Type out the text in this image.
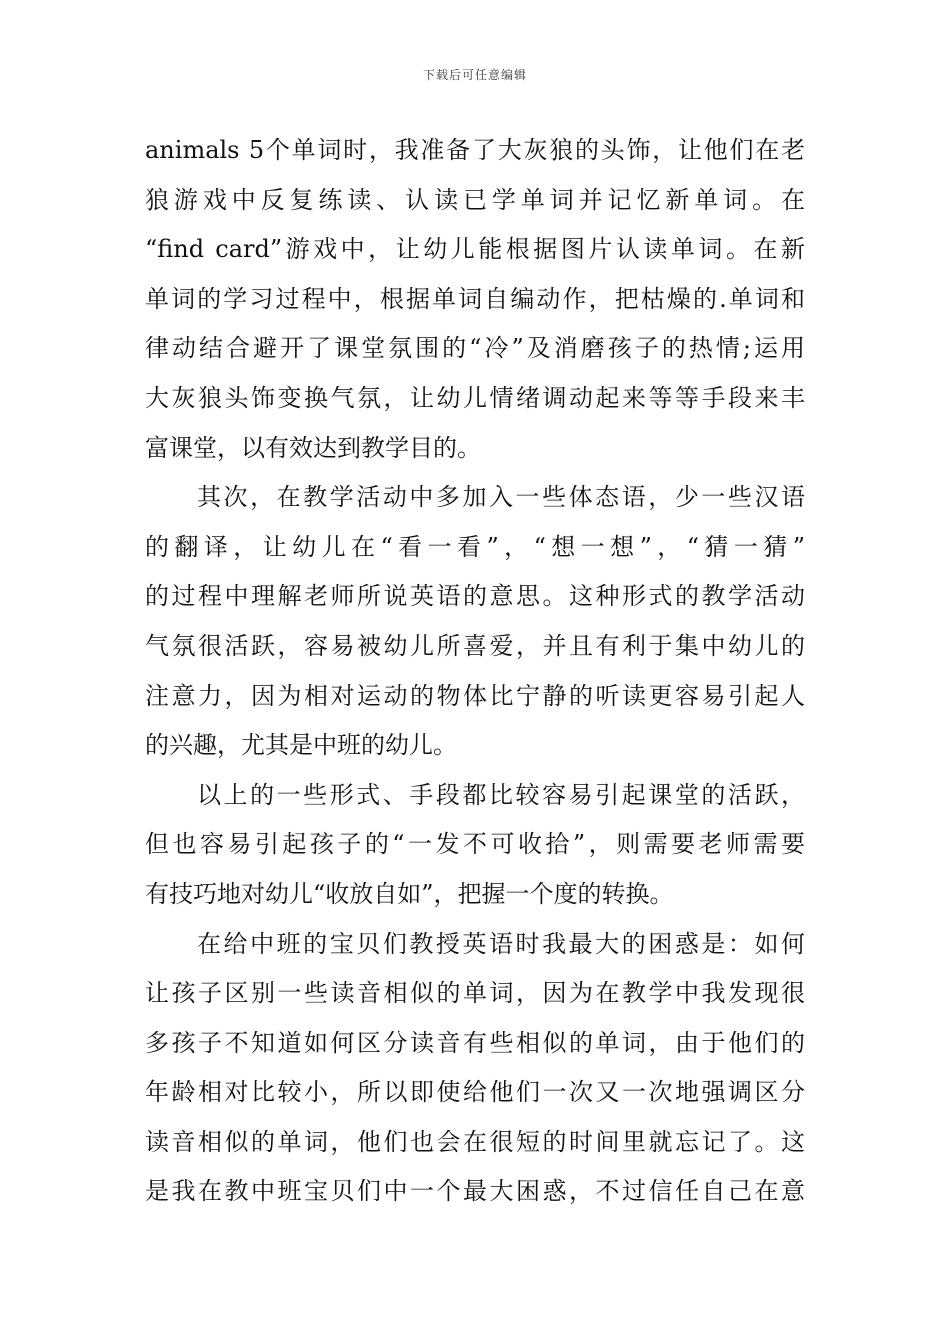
下载后可任意编辑
animals 5个单词时，我准备了大灰狼的头饰，让他们在老
狼游戏中反复练读、认读已学单词并记忆新单词。在
“find card”游戏中，让幼儿能根据图片认读单词。在新
单词的学习过程中，根据单词自编动作，把枯燥的.单词和
律动结合避开了课堂氛围的“冷”及消磨孩子的热情;运用
大灰狼头饰变换气氛，让幼儿情绪调动起来等等手段来丰
富课堂，以有效达到教学目的。
其次，在教学活动中多加入一些体态语，少一些汉语
的翻译，让幼儿在“看一看”，“想一想”，“猜一猜”
的过程中理解老师所说英语的意思。这种形式的教学活动
气氛很活跃，容易被幼儿所喜爱，并且有利于集中幼儿的
注意力，因为相对运动的物体比宁静的听读更容易引起人
的兴趣，尤其是中班的幼儿。
以上的一些形式、手段都比较容易引起课堂的活跃，
但也容易引起孩子的“一发不可收拾”，则需要老师需要
有技巧地对幼儿“收放自如”，把握一个度的转换。
在给中班的宝贝们教授英语时我最大的困惑是：如何
让孩子区别一些读音相似的单词，因为在教学中我发现很
多孩子不知道如何区分读音有些相似的单词，由于他们的
年龄相对比较小，所以即使给他们一次又一次地强调区分
读音相似的单词，他们也会在很短的时间里就忘记了。这
是我在教中班宝贝们中一个最大困惑，不过信任自己在意
